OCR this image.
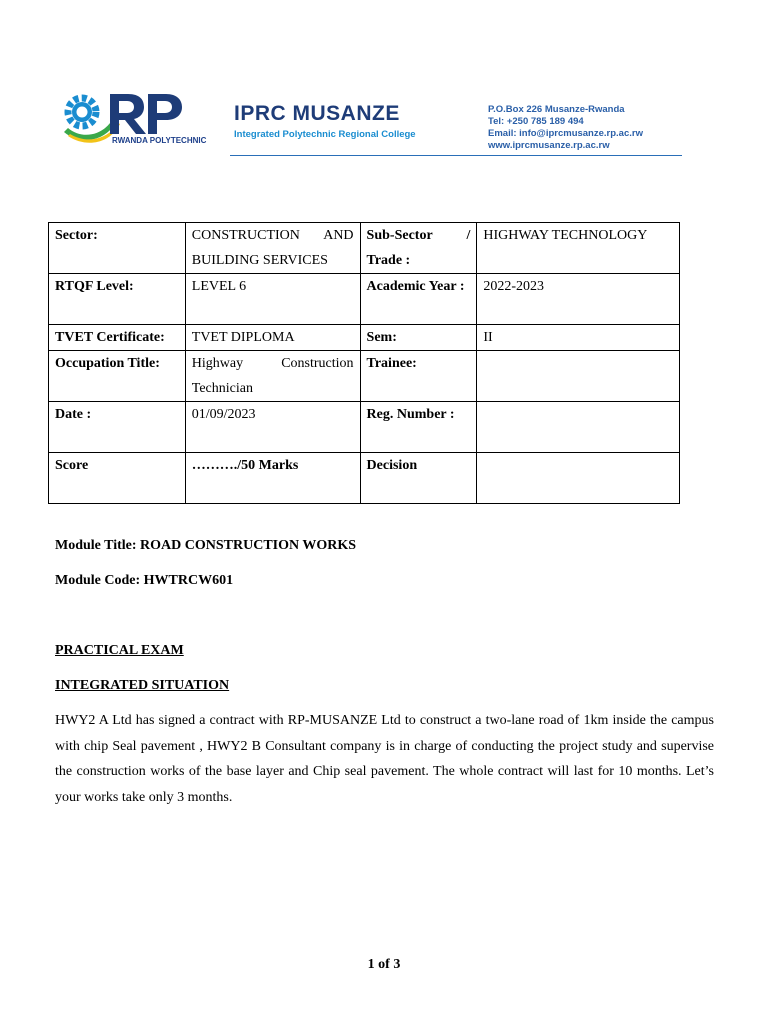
RWANDA POLYTECHNIC
IPRC MUSANZE
Integrated Polytechnic Regional College
P.O.Box 226 Musanze-Rwanda
Tel: +250 785 189 494
Email: info@iprcmusanze.rp.ac.rw
www.iprcmusanze.rp.ac.rw
Sector:	CONSTRUCTION AND BUILDING SERVICES	Sub-Sector / Trade :	HIGHWAY TECHNOLOGY
RTQF Level:	LEVEL 6	Academic Year :	2022-2023
TVET Certificate:	TVET DIPLOMA	Sem:	II
Occupation Title:	Highway Construction Technician	Trainee:	
Date :	01/09/2023	Reg. Number :	
Score	………./50 Marks	Decision	
Module Title: ROAD CONSTRUCTION WORKS
Module Code: HWTRCW601
PRACTICAL EXAM
INTEGRATED SITUATION
HWY2 A Ltd has signed a contract with RP-MUSANZE Ltd to construct a two-lane road of 1km inside the campus with chip Seal pavement , HWY2 B Consultant company is in charge of conducting the project study and supervise the construction works of the base layer and Chip seal pavement. The whole contract will last for 10 months. Let’s your works take only 3 months.
1 of 3
